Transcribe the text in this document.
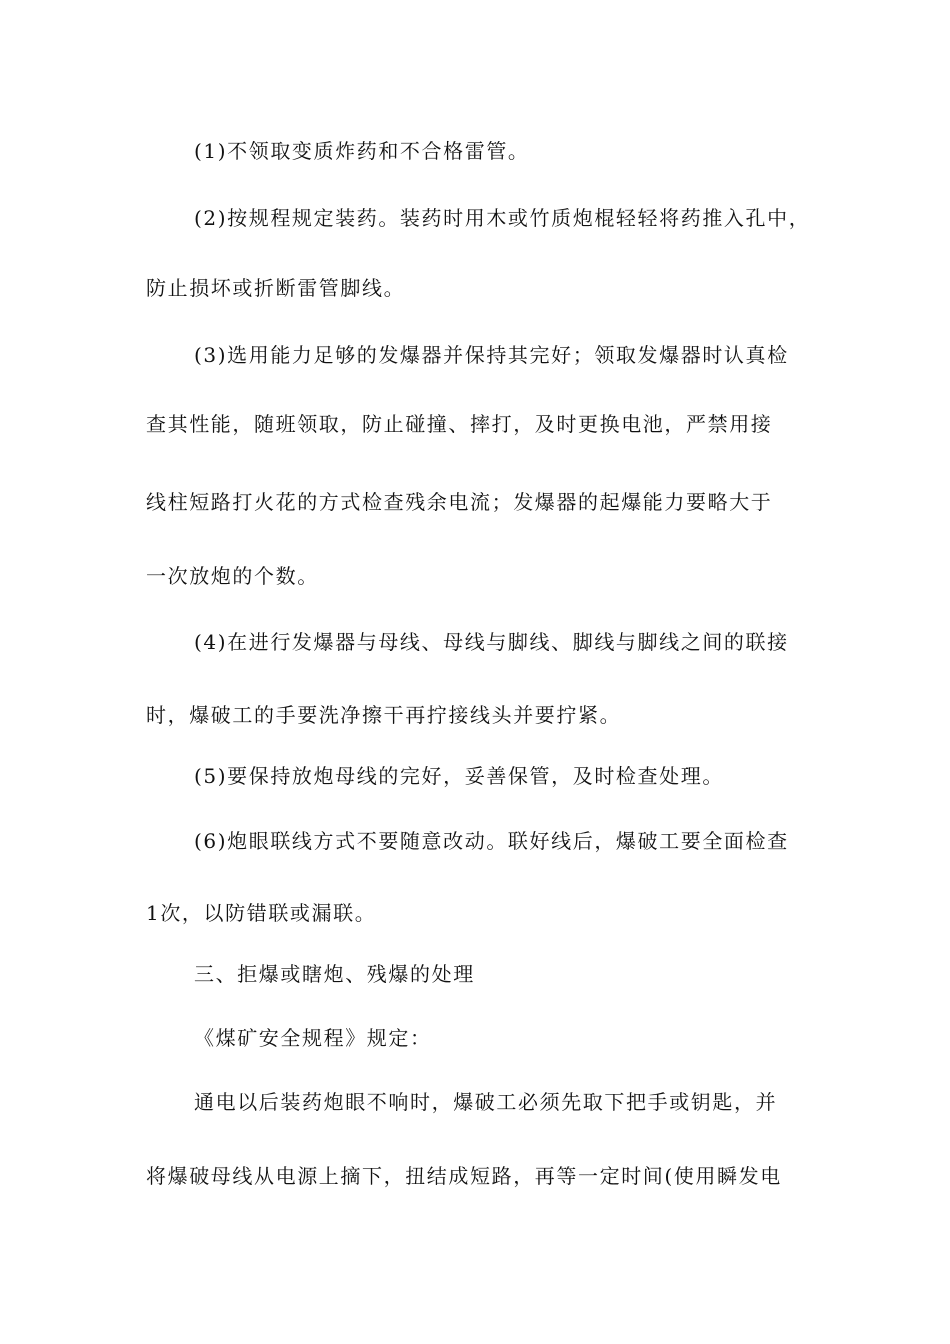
(1)不领取变质炸药和不合格雷管。
(2)按规程规定装药。装药时用木或竹质炮棍轻轻将药推入孔中，
防止损坏或折断雷管脚线。
(3)选用能力足够的发爆器并保持其完好；领取发爆器时认真检
查其性能，随班领取，防止碰撞、摔打，及时更换电池，严禁用接
线柱短路打火花的方式检查残余电流；发爆器的起爆能力要略大于
一次放炮的个数。
(4)在进行发爆器与母线、母线与脚线、脚线与脚线之间的联接
时，爆破工的手要洗净擦干再拧接线头并要拧紧。
(5)要保持放炮母线的完好，妥善保管，及时检查处理。
(6)炮眼联线方式不要随意改动。联好线后，爆破工要全面检查
1次，以防错联或漏联。
三、拒爆或瞎炮、残爆的处理
《煤矿安全规程》规定：
通电以后装药炮眼不响时，爆破工必须先取下把手或钥匙，并
将爆破母线从电源上摘下，扭结成短路，再等一定时间(使用瞬发电
